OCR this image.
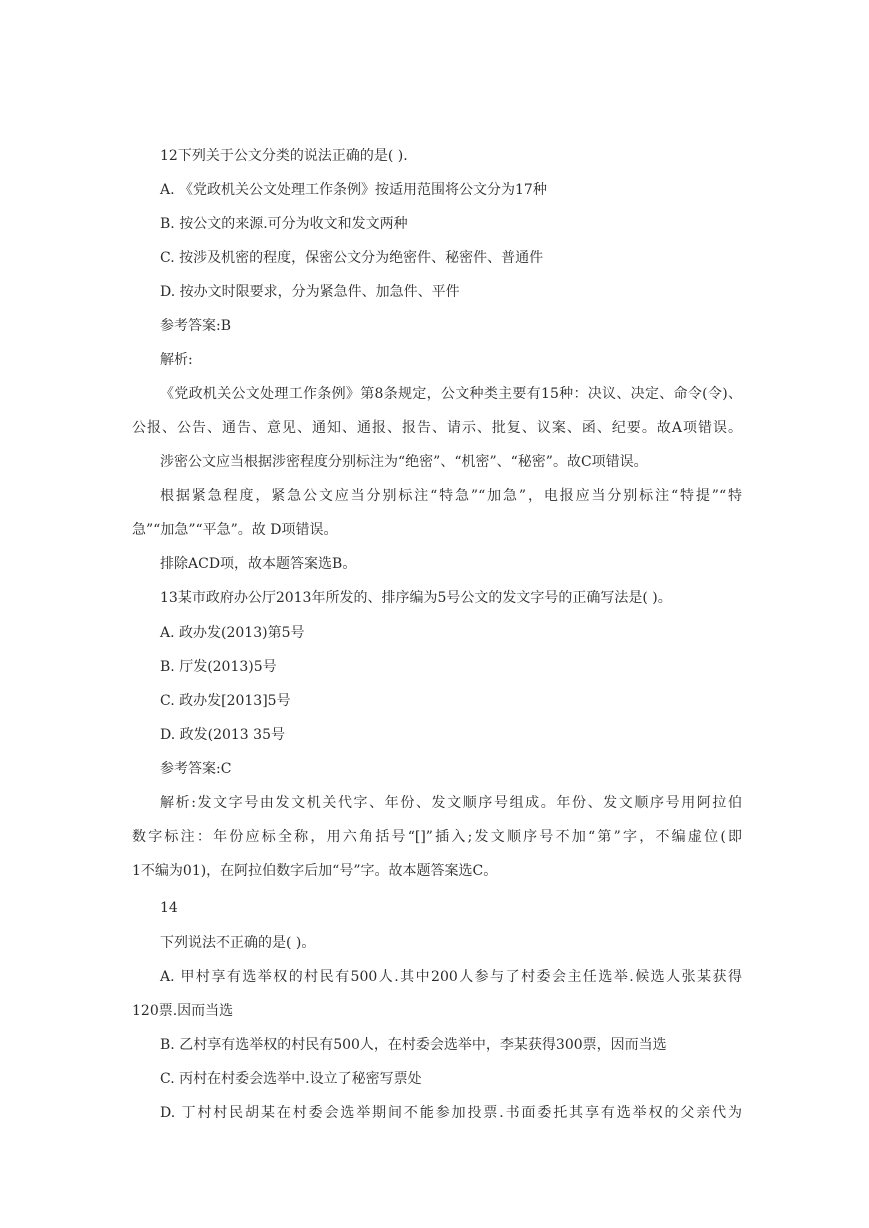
12下列关于公文分类的说法正确的是( ).
A. 《党政机关公文处理工作条例》按适用范围将公文分为17种
B. 按公文的来源.可分为收文和发文两种
C. 按涉及机密的程度，保密公文分为绝密件、秘密件、普通件
D. 按办文时限要求，分为紧急件、加急件、平件
参考答案:B
解析:
《党政机关公文处理工作条例》第8条规定，公文种类主要有15种：决议、决定、命令(令)、
公报、公告、通告、意见、通知、通报、报告、请示、批复、议案、函、纪要。故A项错误。
涉密公文应当根据涉密程度分别标注为“绝密”、“机密”、“秘密”。故C项错误。
根据紧急程度，紧急公文应当分别标注“特急”“加急”，电报应当分别标注“特提”“特
急”“加急”“平急”。故 D项错误。
排除ACD项，故本题答案选B。
13某市政府办公厅2013年所发的、排序编为5号公文的发文字号的正确写法是( )。
A. 政办发(2013)第5号
B. 厅发(2013)5号
C. 政办发[2013]5号
D. 政发(2013 35号
参考答案:C
解析:发文字号由发文机关代字、年份、发文顺序号组成。年份、发文顺序号用阿拉伯
数字标注：年份应标全称，用六角括号“[]”插入;发文顺序号不加“第”字，不编虚位(即
1不编为01)，在阿拉伯数字后加“号”字。故本题答案选C。
14
下列说法不正确的是( )。
A. 甲村享有选举权的村民有500人.其中200人参与了村委会主任选举.候选人张某获得
120票.因而当选
B. 乙村享有选举权的村民有500人，在村委会选举中，李某获得300票，因而当选
C. 丙村在村委会选举中.设立了秘密写票处
D. 丁村村民胡某在村委会选举期间不能参加投票.书面委托其享有选举权的父亲代为
